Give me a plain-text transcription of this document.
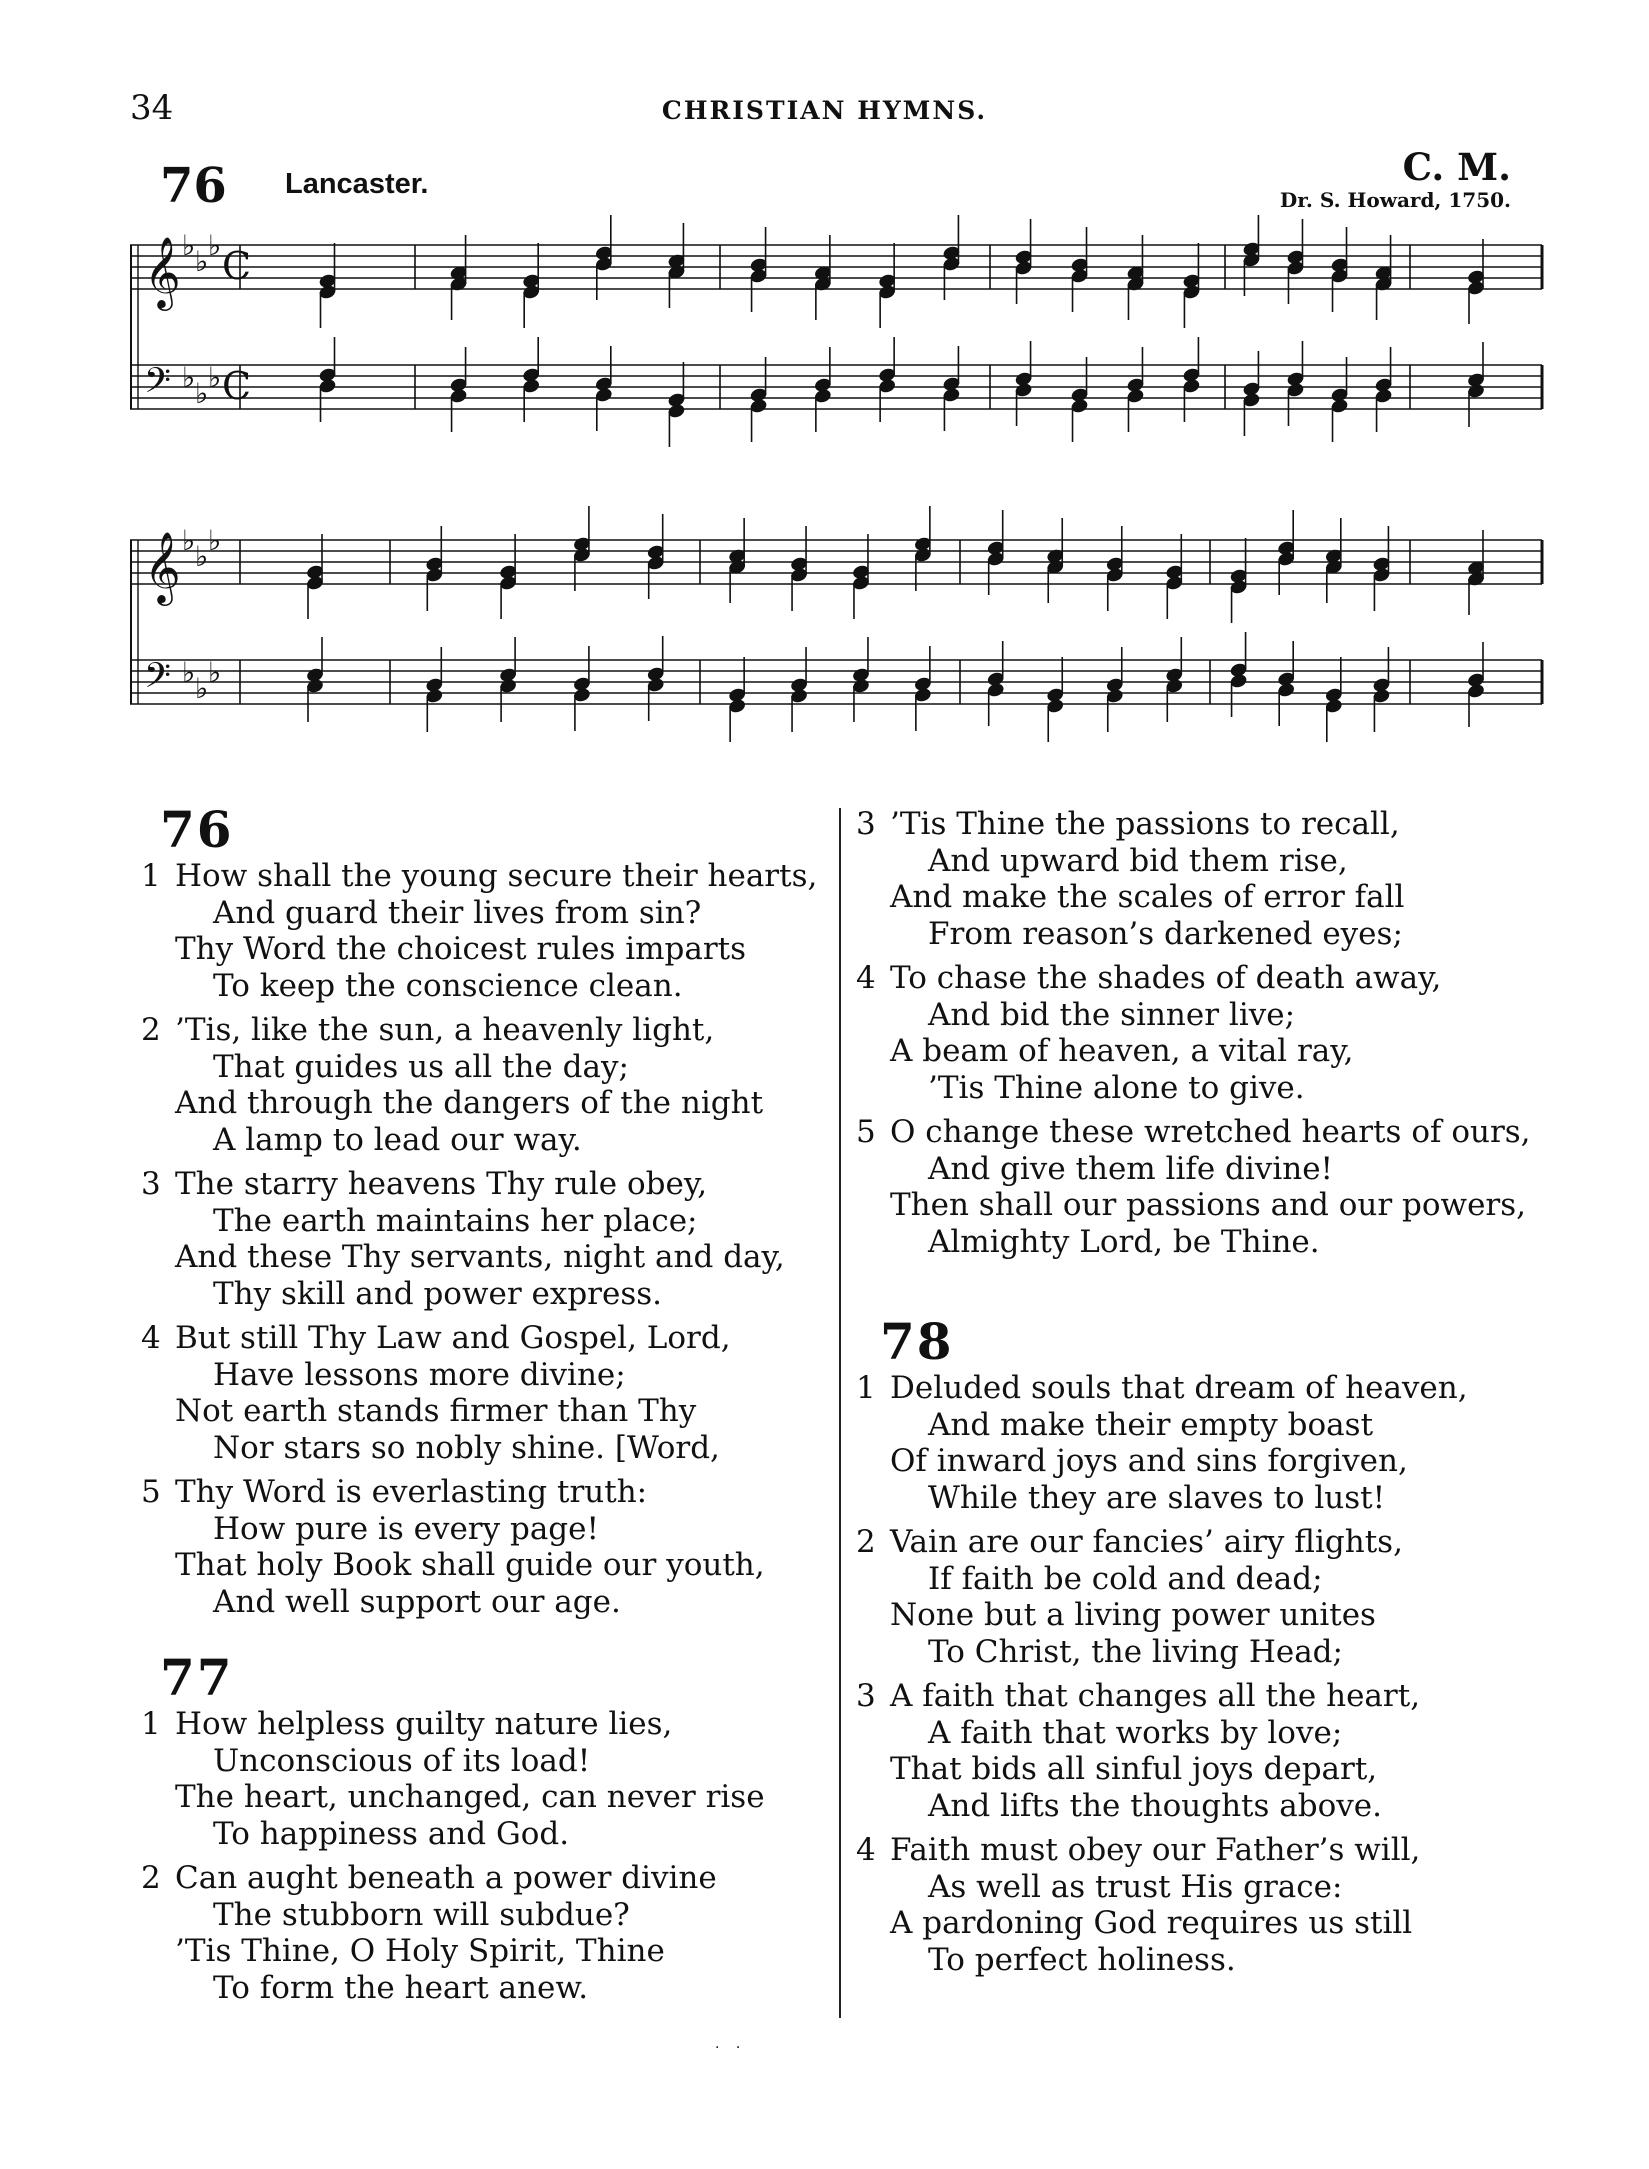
34	CHRISTIAN HYMNS.
76 Lancaster.	C. M.
Dr. S. Howard, 1750.
𝄞
𝄢
♭
♭
♭
♭
♭
♭
C
C
𝄞
𝄢
♭
♭
♭
♭
♭
♭
76
1 How shall the young secure their hearts,
And guard their lives from sin?
Thy Word the choicest rules imparts
To keep the conscience clean.
2 ’Tis, like the sun, a heavenly light,
That guides us all the day;
And through the dangers of the night
A lamp to lead our way.
3 The starry heavens Thy rule obey,
The earth maintains her place;
And these Thy servants, night and day,
Thy skill and power express.
4 But still Thy Law and Gospel, Lord,
Have lessons more divine;
Not earth stands firmer than Thy
Nor stars so nobly shine. [Word,
5 Thy Word is everlasting truth:
How pure is every page!
That holy Book shall guide our youth,
And well support our age.
77
1 How helpless guilty nature lies,
Unconscious of its load!
The heart, unchanged, can never rise
To happiness and God.
2 Can aught beneath a power divine
The stubborn will subdue?
’Tis Thine, O Holy Spirit, Thine
To form the heart anew.
3 ’Tis Thine the passions to recall,
And upward bid them rise,
And make the scales of error fall
From reason’s darkened eyes;
4 To chase the shades of death away,
And bid the sinner live;
A beam of heaven, a vital ray,
’Tis Thine alone to give.
5 O change these wretched hearts of ours,
And give them life divine!
Then shall our passions and our powers,
Almighty Lord, be Thine.
78
1 Deluded souls that dream of heaven,
And make their empty boast
Of inward joys and sins forgiven,
While they are slaves to lust!
2 Vain are our fancies’ airy flights,
If faith be cold and dead;
None but a living power unites
To Christ, the living Head;
3 A faith that changes all the heart,
A faith that works by love;
That bids all sinful joys depart,
And lifts the thoughts above.
4 Faith must obey our Father’s will,
As well as trust His grace:
A pardoning God requires us still
To perfect holiness.
· ·
